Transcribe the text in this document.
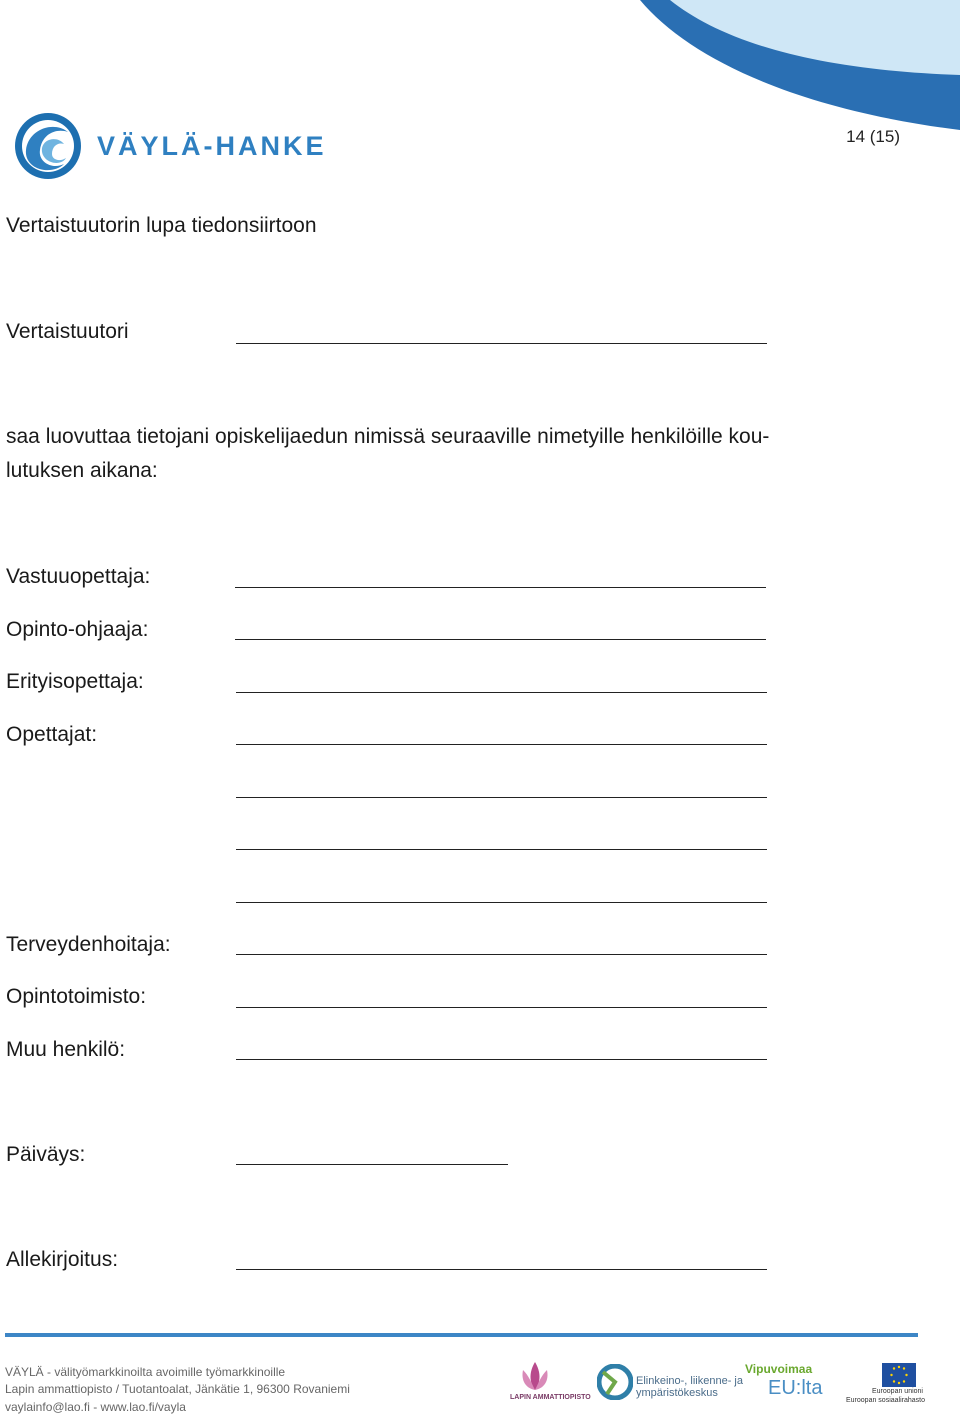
VÄYLÄ-HANKE	14 (15)
Vertaistuutorin lupa tiedonsiirtoon
Vertaistuutori
saa luovuttaa tietojani opiskelijaedun nimissä seuraaville nimetyille henkilöille kou-
lutuksen aikana:
Vastuuopettaja:
Opinto-ohjaaja:
Erityisopettaja:
Opettajat:
Terveydenhoitaja:
Opintotoimisto:
Muu henkilö:
Päiväys:
Allekirjoitus:
VÄYLÄ - välityömarkkinoilta avoimille työmarkkinoille
Lapin ammattiopisto / Tuotantoalat, Jänkätie 1, 96300 Rovaniemi
vaylainfo@lao.fi - www.lao.fi/vayla
LAPIN AMMATTIOPISTO
Elinkeino-, liikenne- ja
ympäristökeskus
Vipuvoimaa
EU:lta	Euroopan unioni
Euroopan sosiaalirahasto
